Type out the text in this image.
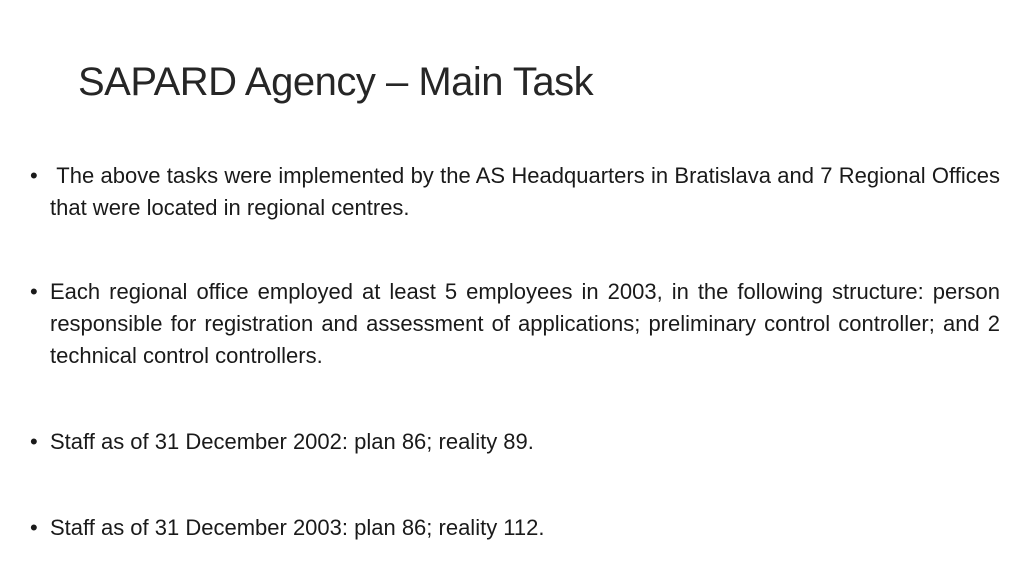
SAPARD Agency – Main Task
• The above tasks were implemented by the AS Headquarters in Bratislava and 7 Regional Offices that were located in regional centres.
• Each regional office employed at least 5 employees in 2003, in the following structure: person responsible for registration and assessment of applications; preliminary control controller; and 2 technical control controllers.
• Staff as of 31 December 2002: plan 86; reality 89.
• Staff as of 31 December 2003: plan 86; reality 112.
